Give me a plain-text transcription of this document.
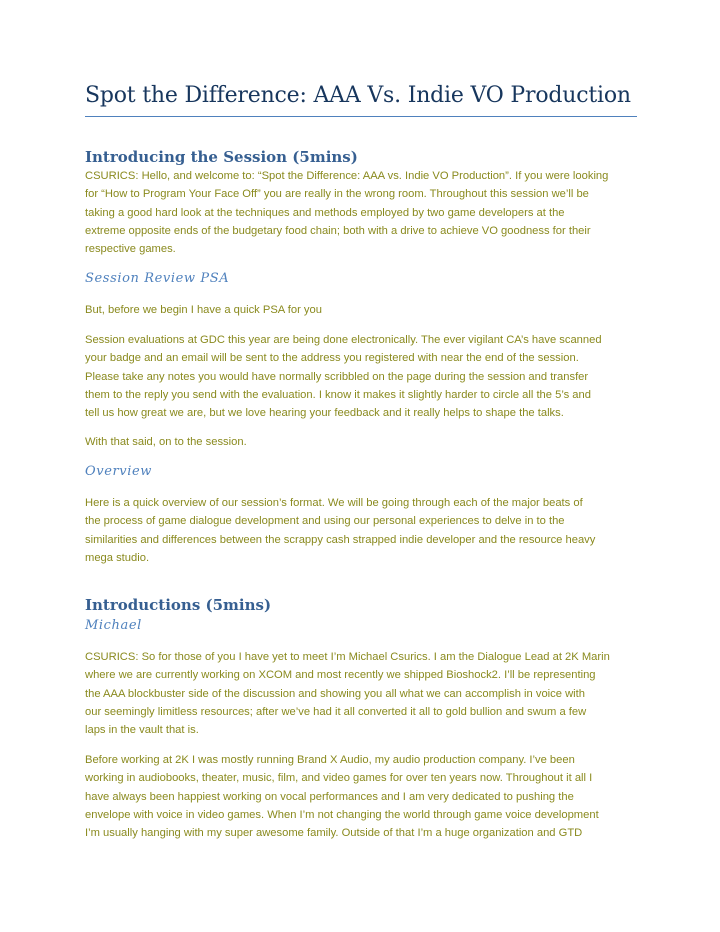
Spot the Difference: AAA Vs. Indie VO Production
Introducing the Session (5mins)
CSURICS: Hello, and welcome to: “Spot the Difference: AAA vs. Indie VO Production”. If you were looking
for “How to Program Your Face Off” you are really in the wrong room. Throughout this session we’ll be
taking a good hard look at the techniques and methods employed by two game developers at the
extreme opposite ends of the budgetary food chain; both with a drive to achieve VO goodness for their
respective games.
Session Review PSA
But, before we begin I have a quick PSA for you
Session evaluations at GDC this year are being done electronically. The ever vigilant CA’s have scanned
your badge and an email will be sent to the address you registered with near the end of the session.
Please take any notes you would have normally scribbled on the page during the session and transfer
them to the reply you send with the evaluation. I know it makes it slightly harder to circle all the 5’s and
tell us how great we are, but we love hearing your feedback and it really helps to shape the talks.
With that said, on to the session.
Overview
Here is a quick overview of our session’s format. We will be going through each of the major beats of
the process of game dialogue development and using our personal experiences to delve in to the
similarities and differences between the scrappy cash strapped indie developer and the resource heavy
mega studio.
Introductions (5mins)
Michael
CSURICS: So for those of you I have yet to meet I’m Michael Csurics. I am the Dialogue Lead at 2K Marin
where we are currently working on XCOM and most recently we shipped Bioshock2. I’ll be representing
the AAA blockbuster side of the discussion and showing you all what we can accomplish in voice with
our seemingly limitless resources; after we’ve had it all converted it all to gold bullion and swum a few
laps in the vault that is.
Before working at 2K I was mostly running Brand X Audio, my audio production company. I’ve been
working in audiobooks, theater, music, film, and video games for over ten years now. Throughout it all I
have always been happiest working on vocal performances and I am very dedicated to pushing the
envelope with voice in video games. When I’m not changing the world through game voice development
I’m usually hanging with my super awesome family. Outside of that I’m a huge organization and GTD
